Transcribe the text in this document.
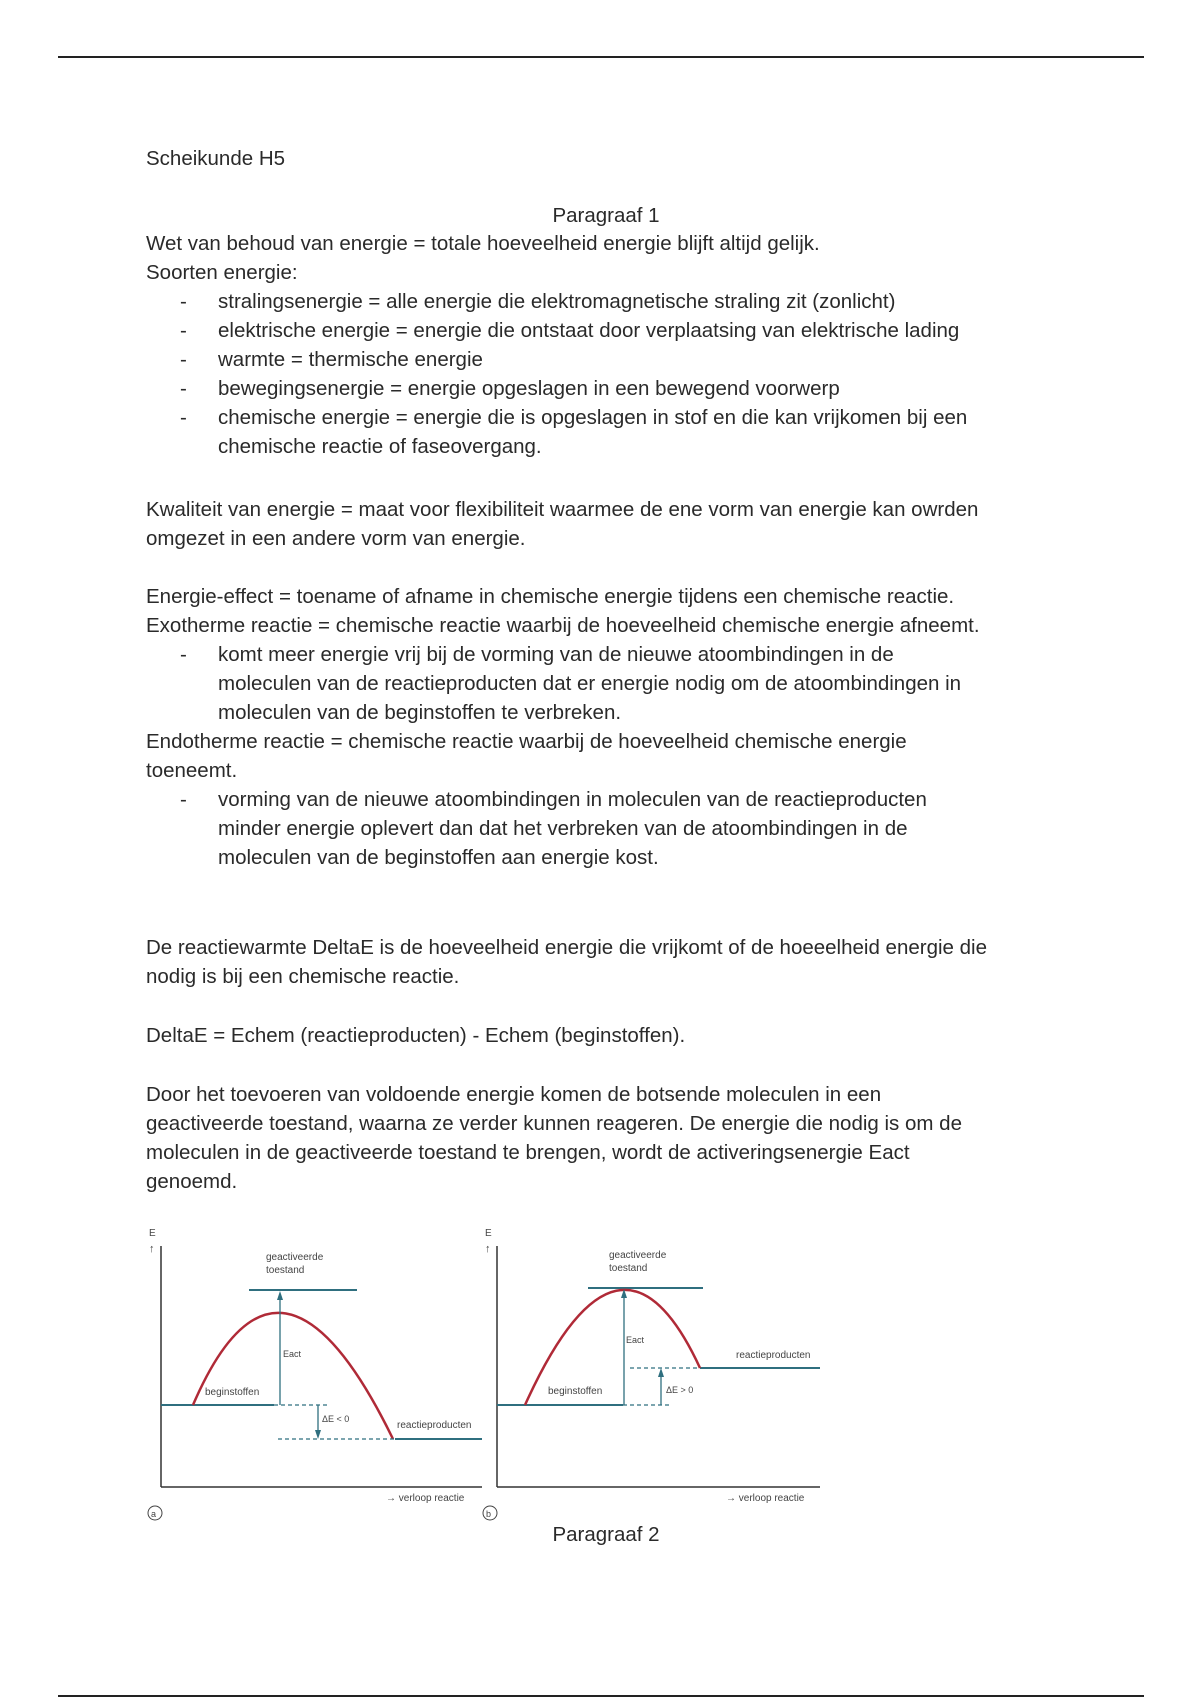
Scheikunde H5
Paragraaf 1
Wet van behoud van energie = totale hoeveelheid energie blijft altijd gelijk.
Soorten energie:
- stralingsenergie = alle energie die elektromagnetische straling zit (zonlicht)
- elektrische energie = energie die ontstaat door verplaatsing van elektrische lading
- warmte = thermische energie
- bewegingsenergie = energie opgeslagen in een bewegend voorwerp
- chemische energie = energie die is opgeslagen in stof en die kan vrijkomen bij een
chemische reactie of faseovergang.
Kwaliteit van energie = maat voor flexibiliteit waarmee de ene vorm van energie kan owrden
omgezet in een andere vorm van energie.
Energie-effect = toename of afname in chemische energie tijdens een chemische reactie.
Exotherme reactie = chemische reactie waarbij de hoeveelheid chemische energie afneemt.
- komt meer energie vrij bij de vorming van de nieuwe atoombindingen in de
moleculen van de reactieproducten dat er energie nodig om de atoombindingen in
moleculen van de beginstoffen te verbreken.
Endotherme reactie = chemische reactie waarbij de hoeveelheid chemische energie
toeneemt.
- vorming van de nieuwe atoombindingen in moleculen van de reactieproducten
minder energie oplevert dan dat het verbreken van de atoombindingen in de
moleculen van de beginstoffen aan energie kost.
De reactiewarmte DeltaE is de hoeveelheid energie die vrijkomt of de hoeeelheid energie die
nodig is bij een chemische reactie.
DeltaE = Echem (reactieproducten) - Echem (beginstoffen).
Door het toevoeren van voldoende energie komen de botsende moleculen in een
geactiveerde toestand, waarna ze verder kunnen reageren. De energie die nodig is om de
moleculen in de geactiveerde toestand te brengen, wordt de activeringsenergie Eact
genoemd.
Paragraaf 2
E
↑
geactiveerde
toestand
beginstoffen
reactieproducten
Eact
ΔE < 0
→ verloop reactie
a
E
↑
geactiveerde
toestand
beginstoffen
reactieproducten
Eact
ΔE > 0
→ verloop reactie
b
